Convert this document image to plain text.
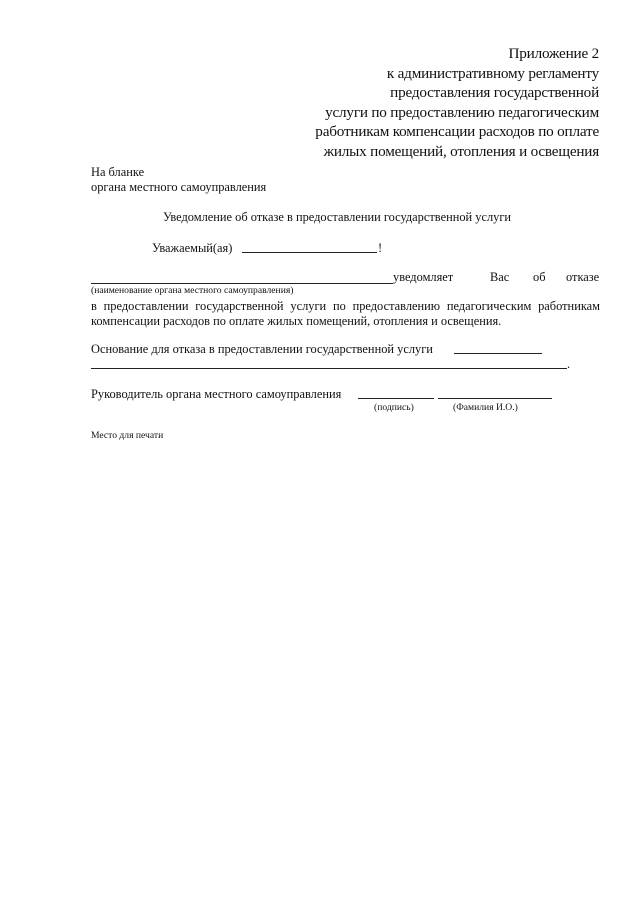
Приложение 2
к административному регламенту
предоставления государственной
услуги по предоставлению педагогическим
работникам компенсации расходов по оплате
жилых помещений, отопления и освещения
На бланке
органа местного самоуправления
Уведомление об отказе в предоставлении государственной услуги
Уважаемый(ая)	!
уведомляет	Вас об отказе
(наименование органа местного самоуправления)
в предоставлении государственной услуги по предоставлению педагогическим работникам
компенсации расходов по оплате жилых помещений, отопления и освещения.
Основание для отказа в предоставлении государственной услуги
.
Руководитель органа местного самоуправления
(подпись)	(Фамилия И.О.)
Место для печати
